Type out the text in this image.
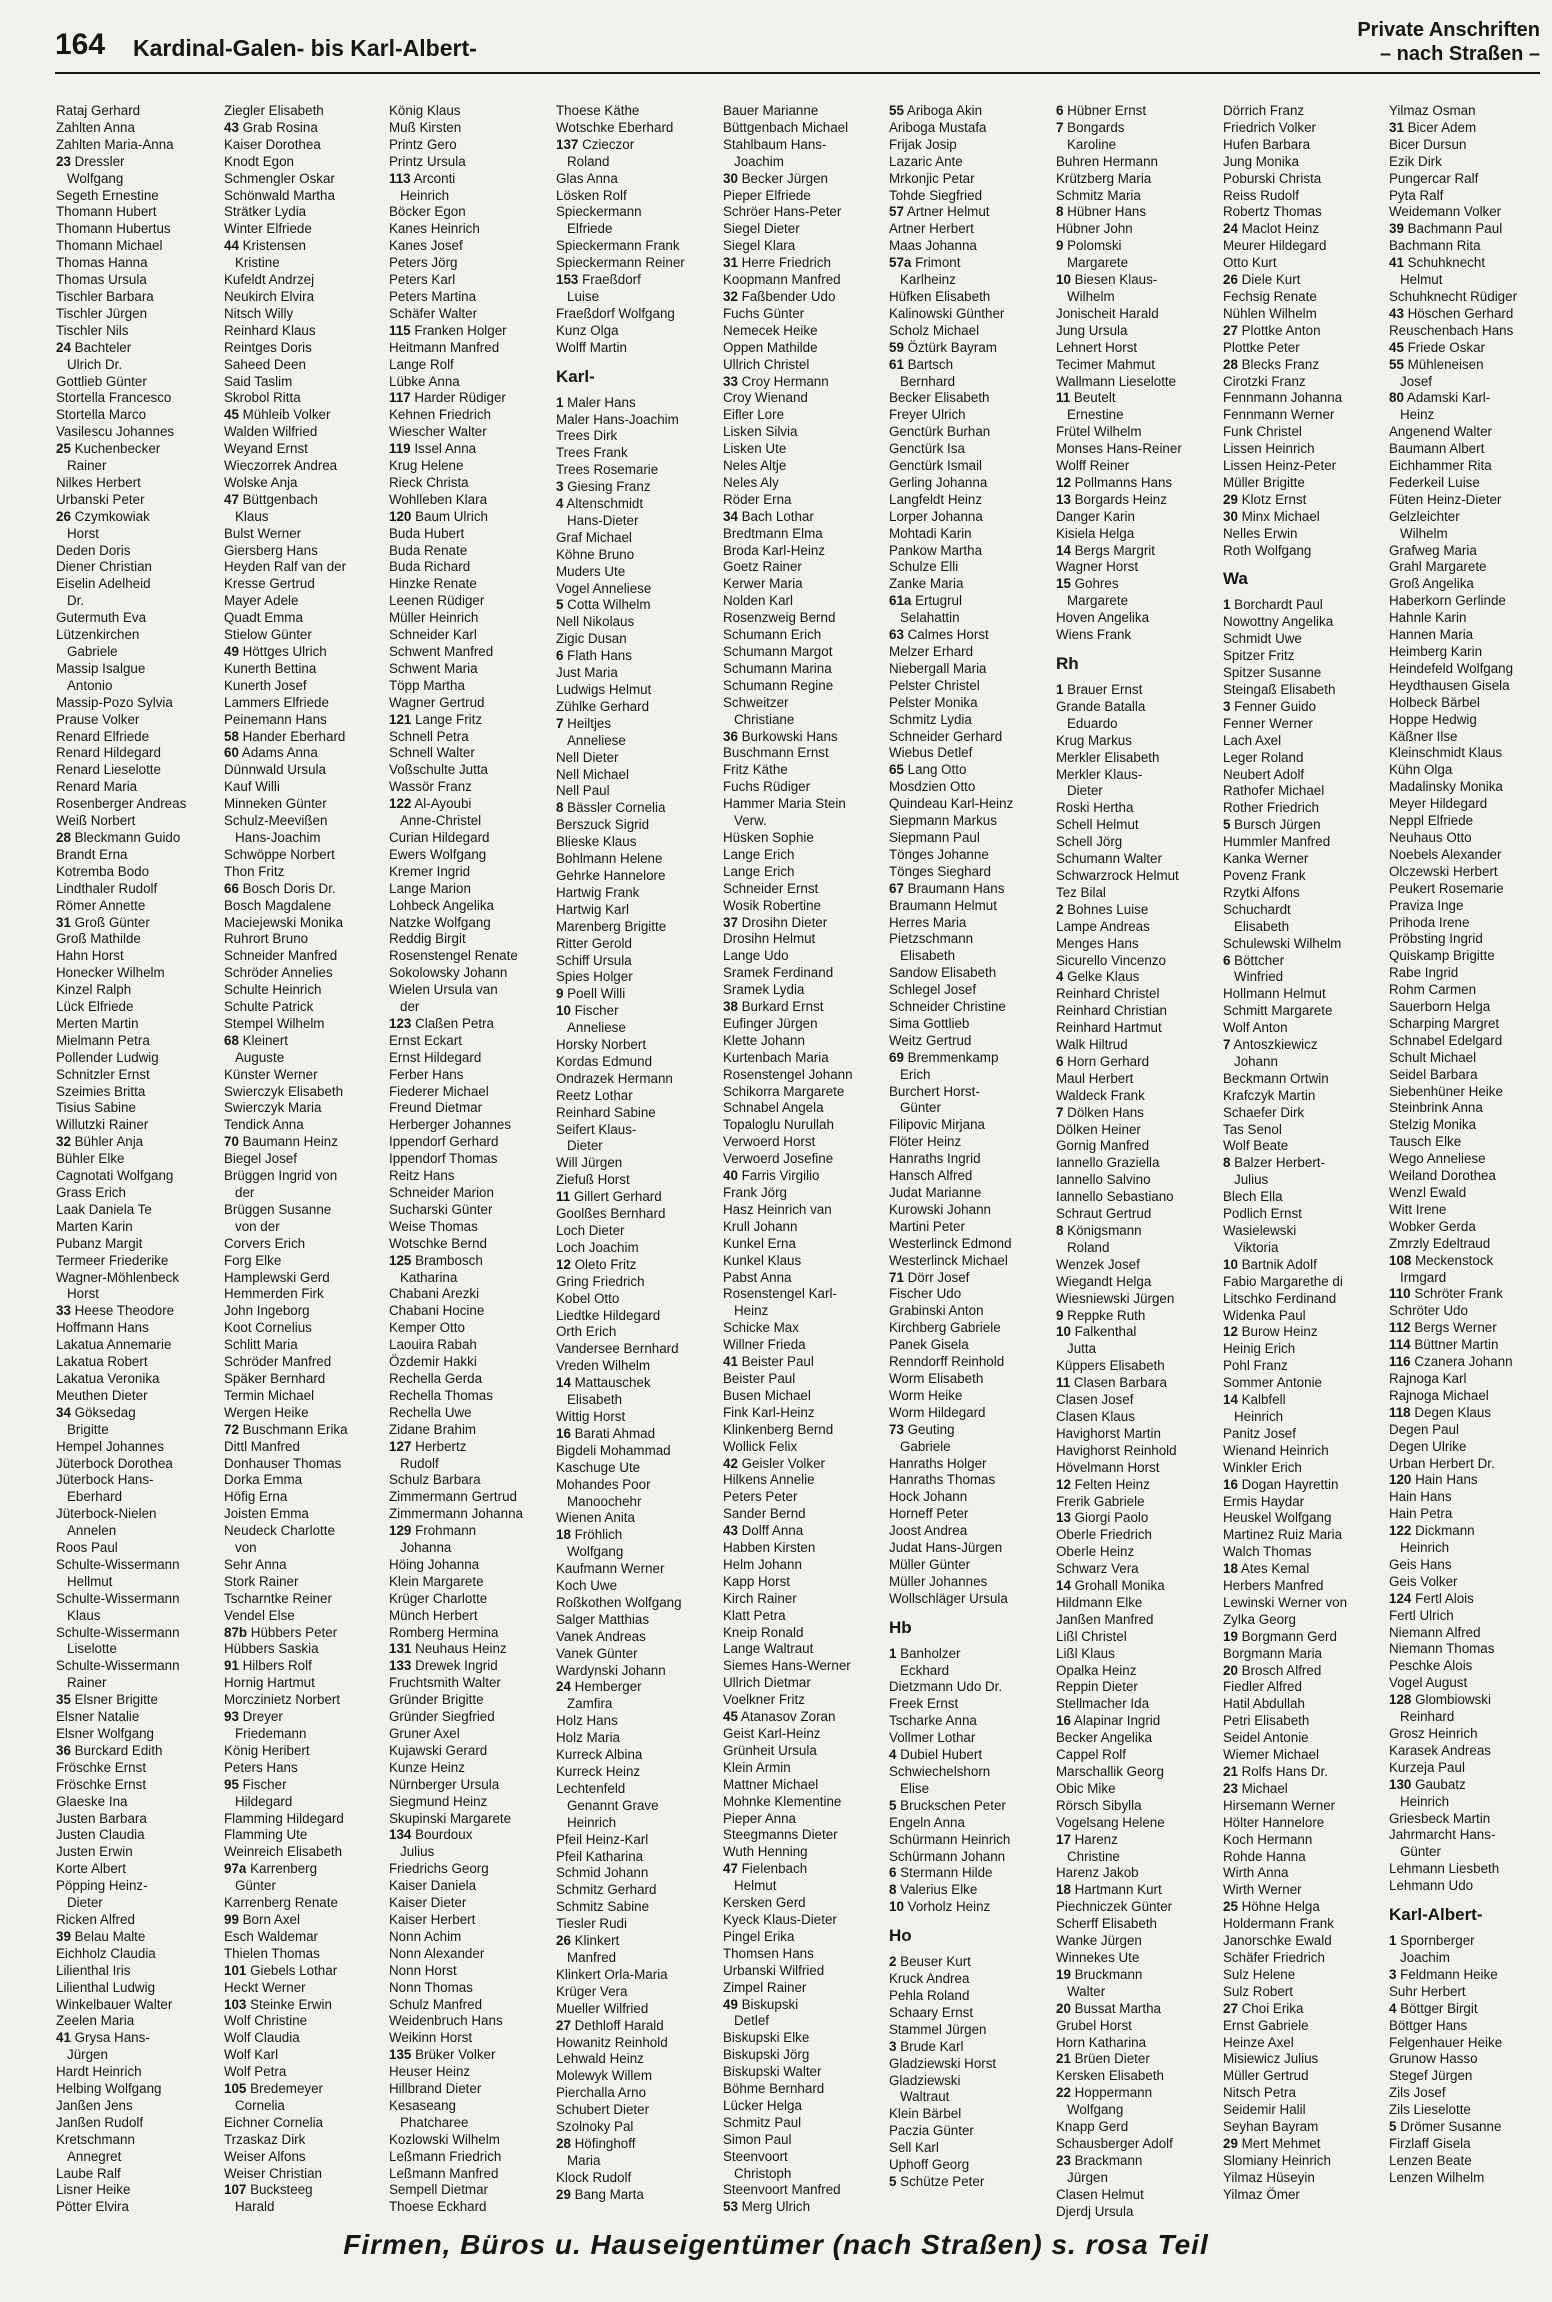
164 Kardinal-Galen- bis Karl-Albert-
Private Anschriften
– nach Straßen –
Rataj Gerhard
Zahlten Anna
Zahlten Maria-Anna
23 Dressler
Wolfgang
Segeth Ernestine
Thomann Hubert
Thomann Hubertus
Thomann Michael
Thomas Hanna
Thomas Ursula
Tischler Barbara
Tischler Jürgen
Tischler Nils
24 Bachteler
Ulrich Dr.
Gottlieb Günter
Stortella Francesco
Stortella Marco
Vasilescu Johannes
25 Kuchenbecker
Rainer
Nilkes Herbert
Urbanski Peter
26 Czymkowiak
Horst
Deden Doris
Diener Christian
Eiselin Adelheid
Dr.
Gutermuth Eva
Lützenkirchen
Gabriele
Massip Isalgue
Antonio
Massip-Pozo Sylvia
Prause Volker
Renard Elfriede
Renard Hildegard
Renard Lieselotte
Renard Maria
Rosenberger Andreas
Weiß Norbert
28 Bleckmann Guido
Brandt Erna
Kotremba Bodo
Lindthaler Rudolf
Römer Annette
31 Groß Günter
Groß Mathilde
Hahn Horst
Honecker Wilhelm
Kinzel Ralph
Lück Elfriede
Merten Martin
Mielmann Petra
Pollender Ludwig
Schnitzler Ernst
Szeimies Britta
Tisius Sabine
Willutzki Rainer
32 Bühler Anja
Bühler Elke
Cagnotati Wolfgang
Grass Erich
Laak Daniela Te
Marten Karin
Pubanz Margit
Termeer Friederike
Wagner-Möhlenbeck
Horst
33 Heese Theodore
Hoffmann Hans
Lakatua Annemarie
Lakatua Robert
Lakatua Veronika
Meuthen Dieter
34 Göksedag
Brigitte
Hempel Johannes
Jüterbock Dorothea
Jüterbock Hans-
Eberhard
Jüterbock-Nielen
Annelen
Roos Paul
Schulte-Wissermann
Hellmut
Schulte-Wissermann
Klaus
Schulte-Wissermann
Liselotte
Schulte-Wissermann
Rainer
35 Elsner Brigitte
Elsner Natalie
Elsner Wolfgang
36 Burckard Edith
Fröschke Ernst
Fröschke Ernst
Glaeske Ina
Justen Barbara
Justen Claudia
Justen Erwin
Korte Albert
Pöpping Heinz-
Dieter
Ricken Alfred
39 Belau Malte
Eichholz Claudia
Lilienthal Iris
Lilienthal Ludwig
Winkelbauer Walter
Zeelen Maria
41 Grysa Hans-
Jürgen
Hardt Heinrich
Helbing Wolfgang
Janßen Jens
Janßen Rudolf
Kretschmann
Annegret
Laube Ralf
Lisner Heike
Pötter Elvira
Ziegler Elisabeth
43 Grab Rosina
Kaiser Dorothea
Knodt Egon
Schmengler Oskar
Schönwald Martha
Strätker Lydia
Winter Elfriede
44 Kristensen
Kristine
Kufeldt Andrzej
Neukirch Elvira
Nitsch Willy
Reinhard Klaus
Reintges Doris
Saheed Deen
Said Taslim
Skrobol Ritta
45 Mühleib Volker
Walden Wilfried
Weyand Ernst
Wieczorrek Andrea
Wolske Anja
47 Büttgenbach
Klaus
Bulst Werner
Giersberg Hans
Heyden Ralf van der
Kresse Gertrud
Mayer Adele
Quadt Emma
Stielow Günter
49 Höttges Ulrich
Kunerth Bettina
Kunerth Josef
Lammers Elfriede
Peinemann Hans
58 Hander Eberhard
60 Adams Anna
Dünnwald Ursula
Kauf Willi
Minneken Günter
Schulz-Meevißen
Hans-Joachim
Schwöppe Norbert
Thon Fritz
66 Bosch Doris Dr.
Bosch Magdalene
Maciejewski Monika
Ruhrort Bruno
Schneider Manfred
Schröder Annelies
Schulte Heinrich
Schulte Patrick
Stempel Wilhelm
68 Kleinert
Auguste
Künster Werner
Swierczyk Elisabeth
Swierczyk Maria
Tendick Anna
70 Baumann Heinz
Biegel Josef
Brüggen Ingrid von
der
Brüggen Susanne
von der
Corvers Erich
Forg Elke
Hamplewski Gerd
Hemmerden Firk
John Ingeborg
Koot Cornelius
Schlitt Maria
Schröder Manfred
Späker Bernhard
Termin Michael
Wergen Heike
72 Buschmann Erika
Dittl Manfred
Donhauser Thomas
Dorka Emma
Höfig Erna
Joisten Emma
Neudeck Charlotte
von
Sehr Anna
Stork Rainer
Tscharntke Reiner
Vendel Else
87b Hübbers Peter
Hübbers Saskia
91 Hilbers Rolf
Hornig Hartmut
Morczinietz Norbert
93 Dreyer
Friedemann
König Heribert
Peters Hans
95 Fischer
Hildegard
Flamming Hildegard
Flamming Ute
Weinreich Elisabeth
97a Karrenberg
Günter
Karrenberg Renate
99 Born Axel
Esch Waldemar
Thielen Thomas
101 Giebels Lothar
Heckt Werner
103 Steinke Erwin
Wolf Christine
Wolf Claudia
Wolf Karl
Wolf Petra
105 Bredemeyer
Cornelia
Eichner Cornelia
Trzaskaz Dirk
Weiser Alfons
Weiser Christian
107 Bucksteeg
Harald
König Klaus
Muß Kirsten
Printz Gero
Printz Ursula
113 Arconti
Heinrich
Böcker Egon
Kanes Heinrich
Kanes Josef
Peters Jörg
Peters Karl
Peters Martina
Schäfer Walter
115 Franken Holger
Heitmann Manfred
Lange Rolf
Lübke Anna
117 Harder Rüdiger
Kehnen Friedrich
Wiescher Walter
119 Issel Anna
Krug Helene
Rieck Christa
Wohlleben Klara
120 Baum Ulrich
Buda Hubert
Buda Renate
Buda Richard
Hinzke Renate
Leenen Rüdiger
Müller Heinrich
Schneider Karl
Schwent Manfred
Schwent Maria
Töpp Martha
Wagner Gertrud
121 Lange Fritz
Schnell Petra
Schnell Walter
Voßschulte Jutta
Wassör Franz
122 Al-Ayoubi
Anne-Christel
Curian Hildegard
Ewers Wolfgang
Kremer Ingrid
Lange Marion
Lohbeck Angelika
Natzke Wolfgang
Reddig Birgit
Rosenstengel Renate
Sokolowsky Johann
Wielen Ursula van
der
123 Claßen Petra
Ernst Eckart
Ernst Hildegard
Ferber Hans
Fiederer Michael
Freund Dietmar
Herberger Johannes
Ippendorf Gerhard
Ippendorf Thomas
Reitz Hans
Schneider Marion
Sucharski Günter
Weise Thomas
Wotschke Bernd
125 Brambosch
Katharina
Chabani Arezki
Chabani Hocine
Kemper Otto
Laouira Rabah
Özdemir Hakki
Rechella Gerda
Rechella Thomas
Rechella Uwe
Zidane Brahim
127 Herbertz
Rudolf
Schulz Barbara
Zimmermann Gertrud
Zimmermann Johanna
129 Frohmann
Johanna
Höing Johanna
Klein Margarete
Krüger Charlotte
Münch Herbert
Romberg Hermina
131 Neuhaus Heinz
133 Drewek Ingrid
Fruchtsmith Walter
Gründer Brigitte
Gründer Siegfried
Gruner Axel
Kujawski Gerard
Kunze Heinz
Nürnberger Ursula
Siegmund Heinz
Skupinski Margarete
134 Bourdoux
Julius
Friedrichs Georg
Kaiser Daniela
Kaiser Dieter
Kaiser Herbert
Nonn Achim
Nonn Alexander
Nonn Horst
Nonn Thomas
Schulz Manfred
Weidenbruch Hans
Weikinn Horst
135 Brüker Volker
Heuser Heinz
Hillbrand Dieter
Kesaseang
Phatcharee
Kozlowski Wilhelm
Leßmann Friedrich
Leßmann Manfred
Sempell Dietmar
Thoese Eckhard
Thoese Käthe
Wotschke Eberhard
137 Czieczor
Roland
Glas Anna
Lösken Rolf
Spieckermann
Elfriede
Spieckermann Frank
Spieckermann Reiner
153 Fraeßdorf
Luise
Fraeßdorf Wolfgang
Kunz Olga
Wolff Martin
Karl-
1 Maler Hans
Maler Hans-Joachim
Trees Dirk
Trees Frank
Trees Rosemarie
3 Giesing Franz
4 Altenschmidt
Hans-Dieter
Graf Michael
Köhne Bruno
Muders Ute
Vogel Anneliese
5 Cotta Wilhelm
Nell Nikolaus
Zigic Dusan
6 Flath Hans
Just Maria
Ludwigs Helmut
Zühlke Gerhard
7 Heiltjes
Anneliese
Nell Dieter
Nell Michael
Nell Paul
8 Bässler Cornelia
Berszuck Sigrid
Blieske Klaus
Bohlmann Helene
Gehrke Hannelore
Hartwig Frank
Hartwig Karl
Marenberg Brigitte
Ritter Gerold
Schiff Ursula
Spies Holger
9 Poell Willi
10 Fischer
Anneliese
Horsky Norbert
Kordas Edmund
Ondrazek Hermann
Reetz Lothar
Reinhard Sabine
Seifert Klaus-
Dieter
Will Jürgen
Ziefuß Horst
11 Gillert Gerhard
Goolßes Bernhard
Loch Dieter
Loch Joachim
12 Oleto Fritz
Gring Friedrich
Kobel Otto
Liedtke Hildegard
Orth Erich
Vandersee Bernhard
Vreden Wilhelm
14 Mattauschek
Elisabeth
Wittig Horst
16 Barati Ahmad
Bigdeli Mohammad
Kaschuge Ute
Mohandes Poor
Manoochehr
Wienen Anita
18 Fröhlich
Wolfgang
Kaufmann Werner
Koch Uwe
Roßkothen Wolfgang
Salger Matthias
Vanek Andreas
Vanek Günter
Wardynski Johann
24 Hemberger
Zamfira
Holz Hans
Holz Maria
Kurreck Albina
Kurreck Heinz
Lechtenfeld
Genannt Grave
Heinrich
Pfeil Heinz-Karl
Pfeil Katharina
Schmid Johann
Schmitz Gerhard
Schmitz Sabine
Tiesler Rudi
26 Klinkert
Manfred
Klinkert Orla-Maria
Krüger Vera
Mueller Wilfried
27 Dethloff Harald
Howanitz Reinhold
Lehwald Heinz
Molewyk Willem
Pierchalla Arno
Schubert Dieter
Szolnoky Pal
28 Höfinghoff
Maria
Klock Rudolf
29 Bang Marta
Bauer Marianne
Büttgenbach Michael
Stahlbaum Hans-
Joachim
30 Becker Jürgen
Pieper Elfriede
Schröer Hans-Peter
Siegel Dieter
Siegel Klara
31 Herre Friedrich
Koopmann Manfred
32 Faßbender Udo
Fuchs Günter
Nemecek Heike
Oppen Mathilde
Ullrich Christel
33 Croy Hermann
Croy Wienand
Eifler Lore
Lisken Silvia
Lisken Ute
Neles Altje
Neles Aly
Röder Erna
34 Bach Lothar
Bredtmann Elma
Broda Karl-Heinz
Goetz Rainer
Kerwer Maria
Nolden Karl
Rosenzweig Bernd
Schumann Erich
Schumann Margot
Schumann Marina
Schumann Regine
Schweitzer
Christiane
36 Burkowski Hans
Buschmann Ernst
Fritz Käthe
Fuchs Rüdiger
Hammer Maria Stein
Verw.
Hüsken Sophie
Lange Erich
Lange Erich
Schneider Ernst
Wosik Robertine
37 Drosihn Dieter
Drosihn Helmut
Lange Udo
Sramek Ferdinand
Sramek Lydia
38 Burkard Ernst
Eufinger Jürgen
Klette Johann
Kurtenbach Maria
Rosenstengel Johann
Schikorra Margarete
Schnabel Angela
Topaloglu Nurullah
Verwoerd Horst
Verwoerd Josefine
40 Farris Virgilio
Frank Jörg
Hasz Heinrich van
Krull Johann
Kunkel Erna
Kunkel Klaus
Pabst Anna
Rosenstengel Karl-
Heinz
Schicke Max
Willner Frieda
41 Beister Paul
Beister Paul
Busen Michael
Fink Karl-Heinz
Klinkenberg Bernd
Wollick Felix
42 Geisler Volker
Hilkens Annelie
Peters Peter
Sander Bernd
43 Dolff Anna
Habben Kirsten
Helm Johann
Kapp Horst
Kirch Rainer
Klatt Petra
Kneip Ronald
Lange Waltraut
Siemes Hans-Werner
Ullrich Dietmar
Voelkner Fritz
45 Atanasov Zoran
Geist Karl-Heinz
Grünheit Ursula
Klein Armin
Mattner Michael
Mohnke Klementine
Pieper Anna
Steegmanns Dieter
Wuth Henning
47 Fielenbach
Helmut
Kersken Gerd
Kyeck Klaus-Dieter
Pingel Erika
Thomsen Hans
Urbanski Wilfried
Zimpel Rainer
49 Biskupski
Detlef
Biskupski Elke
Biskupski Jörg
Biskupski Walter
Böhme Bernhard
Lücker Helga
Schmitz Paul
Simon Paul
Steenvoort
Christoph
Steenvoort Manfred
53 Merg Ulrich
55 Ariboga Akin
Ariboga Mustafa
Frijak Josip
Lazaric Ante
Mrkonjic Petar
Tohde Siegfried
57 Artner Helmut
Artner Herbert
Maas Johanna
57a Frimont
Karlheinz
Hüfken Elisabeth
Kalinowski Günther
Scholz Michael
59 Öztürk Bayram
61 Bartsch
Bernhard
Becker Elisabeth
Freyer Ulrich
Genctürk Burhan
Genctürk Isa
Genctürk Ismail
Gerling Johanna
Langfeldt Heinz
Lorper Johanna
Mohtadi Karin
Pankow Martha
Schulze Elli
Zanke Maria
61a Ertugrul
Selahattin
63 Calmes Horst
Melzer Erhard
Niebergall Maria
Pelster Christel
Pelster Monika
Schmitz Lydia
Schneider Gerhard
Wiebus Detlef
65 Lang Otto
Mosdzien Otto
Quindeau Karl-Heinz
Siepmann Markus
Siepmann Paul
Tönges Johanne
Tönges Sieghard
67 Braumann Hans
Braumann Helmut
Herres Maria
Pietzschmann
Elisabeth
Sandow Elisabeth
Schlegel Josef
Schneider Christine
Sima Gottlieb
Weitz Gertrud
69 Bremmenkamp
Erich
Burchert Horst-
Günter
Filipovic Mirjana
Flöter Heinz
Hanraths Ingrid
Hansch Alfred
Judat Marianne
Kurowski Johann
Martini Peter
Westerlinck Edmond
Westerlinck Michael
71 Dörr Josef
Fischer Udo
Grabinski Anton
Kirchberg Gabriele
Panek Gisela
Renndorff Reinhold
Worm Elisabeth
Worm Heike
Worm Hildegard
73 Geuting
Gabriele
Hanraths Holger
Hanraths Thomas
Hock Johann
Horneff Peter
Joost Andrea
Judat Hans-Jürgen
Müller Günter
Müller Johannes
Wollschläger Ursula
Hb
1 Banholzer
Eckhard
Dietzmann Udo Dr.
Freek Ernst
Tscharke Anna
Vollmer Lothar
4 Dubiel Hubert
Schwiechelshorn
Elise
5 Bruckschen Peter
Engeln Anna
Schürmann Heinrich
Schürmann Johann
6 Stermann Hilde
8 Valerius Elke
10 Vorholz Heinz
Ho
2 Beuser Kurt
Kruck Andrea
Pehla Roland
Schaary Ernst
Stammel Jürgen
3 Brude Karl
Gladziewski Horst
Gladziewski
Waltraut
Klein Bärbel
Paczia Günter
Sell Karl
Uphoff Georg
5 Schütze Peter
6 Hübner Ernst
7 Bongards
Karoline
Buhren Hermann
Krützberg Maria
Schmitz Maria
8 Hübner Hans
Hübner John
9 Polomski
Margarete
10 Biesen Klaus-
Wilhelm
Jonischeit Harald
Jung Ursula
Lehnert Horst
Tecimer Mahmut
Wallmann Lieselotte
11 Beutelt
Ernestine
Frütel Wilhelm
Monses Hans-Reiner
Wolff Reiner
12 Pollmanns Hans
13 Borgards Heinz
Danger Karin
Kisiela Helga
14 Bergs Margrit
Wagner Horst
15 Gohres
Margarete
Hoven Angelika
Wiens Frank
Rh
1 Brauer Ernst
Grande Batalla
Eduardo
Krug Markus
Merkler Elisabeth
Merkler Klaus-
Dieter
Roski Hertha
Schell Helmut
Schell Jörg
Schumann Walter
Schwarzrock Helmut
Tez Bilal
2 Bohnes Luise
Lampe Andreas
Menges Hans
Sicurello Vincenzo
4 Gelke Klaus
Reinhard Christel
Reinhard Christian
Reinhard Hartmut
Walk Hiltrud
6 Horn Gerhard
Maul Herbert
Waldeck Frank
7 Dölken Hans
Dölken Heiner
Gornig Manfred
Iannello Graziella
Iannello Salvino
Iannello Sebastiano
Schraut Gertrud
8 Königsmann
Roland
Wenzek Josef
Wiegandt Helga
Wiesniewski Jürgen
9 Reppke Ruth
10 Falkenthal
Jutta
Küppers Elisabeth
11 Clasen Barbara
Clasen Josef
Clasen Klaus
Havighorst Martin
Havighorst Reinhold
Hövelmann Horst
12 Felten Heinz
Frerik Gabriele
13 Giorgi Paolo
Oberle Friedrich
Oberle Heinz
Schwarz Vera
14 Grohall Monika
Hildmann Elke
Janßen Manfred
Lißl Christel
Lißl Klaus
Opalka Heinz
Reppin Dieter
Stellmacher Ida
16 Alapinar Ingrid
Becker Angelika
Cappel Rolf
Marschallik Georg
Obic Mike
Rörsch Sibylla
Vogelsang Helene
17 Harenz
Christine
Harenz Jakob
18 Hartmann Kurt
Piechniczek Günter
Scherff Elisabeth
Wanke Jürgen
Winnekes Ute
19 Bruckmann
Walter
20 Bussat Martha
Grubel Horst
Horn Katharina
21 Brüen Dieter
Kersken Elisabeth
22 Hoppermann
Wolfgang
Knapp Gerd
Schausberger Adolf
23 Brackmann
Jürgen
Clasen Helmut
Djerdj Ursula
Dörrich Franz
Friedrich Volker
Hufen Barbara
Jung Monika
Poburski Christa
Reiss Rudolf
Robertz Thomas
24 Maclot Heinz
Meurer Hildegard
Otto Kurt
26 Diele Kurt
Fechsig Renate
Nühlen Wilhelm
27 Plottke Anton
Plottke Peter
28 Blecks Franz
Cirotzki Franz
Fennmann Johanna
Fennmann Werner
Funk Christel
Lissen Heinrich
Lissen Heinz-Peter
Müller Brigitte
29 Klotz Ernst
30 Minx Michael
Nelles Erwin
Roth Wolfgang
Wa
1 Borchardt Paul
Nowottny Angelika
Schmidt Uwe
Spitzer Fritz
Spitzer Susanne
Steingaß Elisabeth
3 Fenner Guido
Fenner Werner
Lach Axel
Leger Roland
Neubert Adolf
Rathofer Michael
Rother Friedrich
5 Bursch Jürgen
Hummler Manfred
Kanka Werner
Povenz Frank
Rzytki Alfons
Schuchardt
Elisabeth
Schulewski Wilhelm
6 Böttcher
Winfried
Hollmann Helmut
Schmitt Margarete
Wolf Anton
7 Antoszkiewicz
Johann
Beckmann Ortwin
Krafczyk Martin
Schaefer Dirk
Tas Senol
Wolf Beate
8 Balzer Herbert-
Julius
Blech Ella
Podlich Ernst
Wasielewski
Viktoria
10 Bartnik Adolf
Fabio Margarethe di
Litschko Ferdinand
Widenka Paul
12 Burow Heinz
Heinig Erich
Pohl Franz
Sommer Antonie
14 Kalbfell
Heinrich
Panitz Josef
Wienand Heinrich
Winkler Erich
16 Dogan Hayrettin
Ermis Haydar
Heuskel Wolfgang
Martinez Ruiz Maria
Walch Thomas
18 Ates Kemal
Herbers Manfred
Lewinski Werner von
Zylka Georg
19 Borgmann Gerd
Borgmann Maria
20 Brosch Alfred
Fiedler Alfred
Hatil Abdullah
Petri Elisabeth
Seidel Antonie
Wiemer Michael
21 Rolfs Hans Dr.
23 Michael
Hirsemann Werner
Hölter Hannelore
Koch Hermann
Rohde Hanna
Wirth Anna
Wirth Werner
25 Höhne Helga
Holdermann Frank
Janorschke Ewald
Schäfer Friedrich
Sulz Helene
Sulz Robert
27 Choi Erika
Ernst Gabriele
Heinze Axel
Misiewicz Julius
Müller Gertrud
Nitsch Petra
Seidemir Halil
Seyhan Bayram
29 Mert Mehmet
Slomiany Heinrich
Yilmaz Hüseyin
Yilmaz Ömer
Yilmaz Osman
31 Bicer Adem
Bicer Dursun
Ezik Dirk
Pungercar Ralf
Pyta Ralf
Weidemann Volker
39 Bachmann Paul
Bachmann Rita
41 Schuhknecht
Helmut
Schuhknecht Rüdiger
43 Höschen Gerhard
Reuschenbach Hans
45 Friede Oskar
55 Mühleneisen
Josef
80 Adamski Karl-
Heinz
Angenend Walter
Baumann Albert
Eichhammer Rita
Federkeil Luise
Füten Heinz-Dieter
Gelzleichter
Wilhelm
Grafweg Maria
Grahl Margarete
Groß Angelika
Haberkorn Gerlinde
Hahnle Karin
Hannen Maria
Heimberg Karin
Heindefeld Wolfgang
Heydthausen Gisela
Holbeck Bärbel
Hoppe Hedwig
Käßner Ilse
Kleinschmidt Klaus
Kühn Olga
Madalinsky Monika
Meyer Hildegard
Neppl Elfriede
Neuhaus Otto
Noebels Alexander
Olczewski Herbert
Peukert Rosemarie
Praviza Inge
Prihoda Irene
Pröbsting Ingrid
Quiskamp Brigitte
Rabe Ingrid
Rohm Carmen
Sauerborn Helga
Scharping Margret
Schnabel Edelgard
Schult Michael
Seidel Barbara
Siebenhüner Heike
Steinbrink Anna
Stelzig Monika
Tausch Elke
Wego Anneliese
Weiland Dorothea
Wenzl Ewald
Witt Irene
Wobker Gerda
Zmrzly Edeltraud
108 Meckenstock
Irmgard
110 Schröter Frank
Schröter Udo
112 Bergs Werner
114 Büttner Martin
116 Czanera Johann
Rajnoga Karl
Rajnoga Michael
118 Degen Klaus
Degen Paul
Degen Ulrike
Urban Herbert Dr.
120 Hain Hans
Hain Hans
Hain Petra
122 Dickmann
Heinrich
Geis Hans
Geis Volker
124 Fertl Alois
Fertl Ulrich
Niemann Alfred
Niemann Thomas
Peschke Alois
Vogel August
128 Glombiowski
Reinhard
Grosz Heinrich
Karasek Andreas
Kurzeja Paul
130 Gaubatz
Heinrich
Griesbeck Martin
Jahrmarcht Hans-
Günter
Lehmann Liesbeth
Lehmann Udo
Karl-Albert-
1 Spornberger
Joachim
3 Feldmann Heike
Suhr Herbert
4 Böttger Birgit
Böttger Hans
Felgenhauer Heike
Grunow Hasso
Stegef Jürgen
Zils Josef
Zils Lieselotte
5 Drömer Susanne
Firzlaff Gisela
Lenzen Beate
Lenzen Wilhelm
Firmen, Büros u. Hauseigentümer (nach Straßen) s. rosa Teil
